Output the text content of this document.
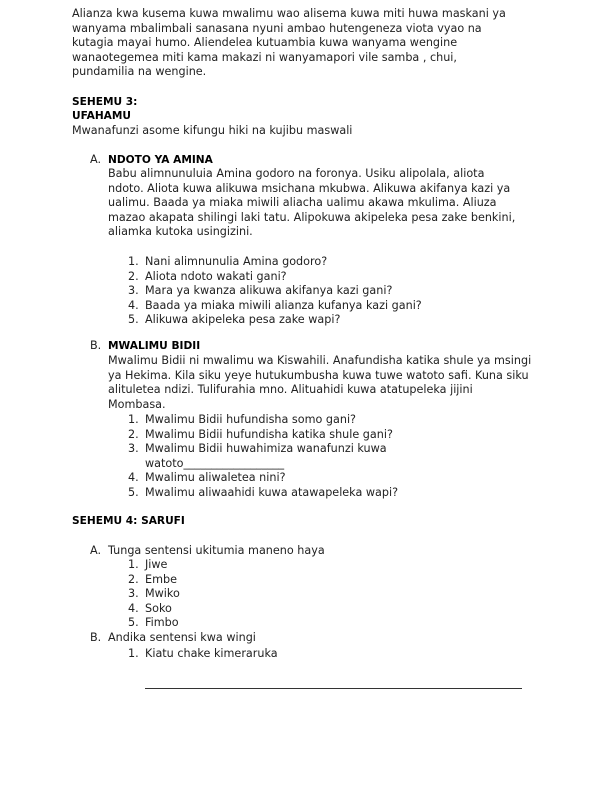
Alianza kwa kusema kuwa mwalimu wao alisema kuwa miti huwa maskani ya
wanyama mbalimbali sanasana nyuni ambao hutengeneza viota vyao na
kutagia mayai humo. Aliendelea kutuambia kuwa wanyama wengine
wanaotegemea miti kama makazi ni wanyamapori vile samba , chui,
pundamilia na wengine.
SEHEMU 3:
UFAHAMU
Mwanafunzi asome kifungu hiki na kujibu maswali
A. NDOTO YA AMINA
Babu alimnunuluia Amina godoro na foronya. Usiku alipolala, aliota
ndoto. Aliota kuwa alikuwa msichana mkubwa. Alikuwa akifanya kazi ya
ualimu. Baada ya miaka miwili aliacha ualimu akawa mkulima. Aliuza
mazao akapata shilingi laki tatu. Alipokuwa akipeleka pesa zake benkini,
aliamka kutoka usingizini.
1. Nani alimnunulia Amina godoro?
2. Aliota ndoto wakati gani?
3. Mara ya kwanza alikuwa akifanya kazi gani?
4. Baada ya miaka miwili alianza kufanya kazi gani?
5. Alikuwa akipeleka pesa zake wapi?
B. MWALIMU BIDII
Mwalimu Bidii ni mwalimu wa Kiswahili. Anafundisha katika shule ya msingi
ya Hekima. Kila siku yeye hutukumbusha kuwa tuwe watoto safi. Kuna siku
alituletea ndizi. Tulifurahia mno. Alituahidi kuwa atatupeleka jijini
Mombasa.
1. Mwalimu Bidii hufundisha somo gani?
2. Mwalimu Bidii hufundisha katika shule gani?
3. Mwalimu Bidii huwahimiza wanafunzi kuwa
watoto__________________
4. Mwalimu aliwaletea nini?
5. Mwalimu aliwaahidi kuwa atawapeleka wapi?
SEHEMU 4: SARUFI
A. Tunga sentensi ukitumia maneno haya
1. Jiwe
2. Embe
3. Mwiko
4. Soko
5. Fimbo
B. Andika sentensi kwa wingi
1. Kiatu chake kimeraruka
